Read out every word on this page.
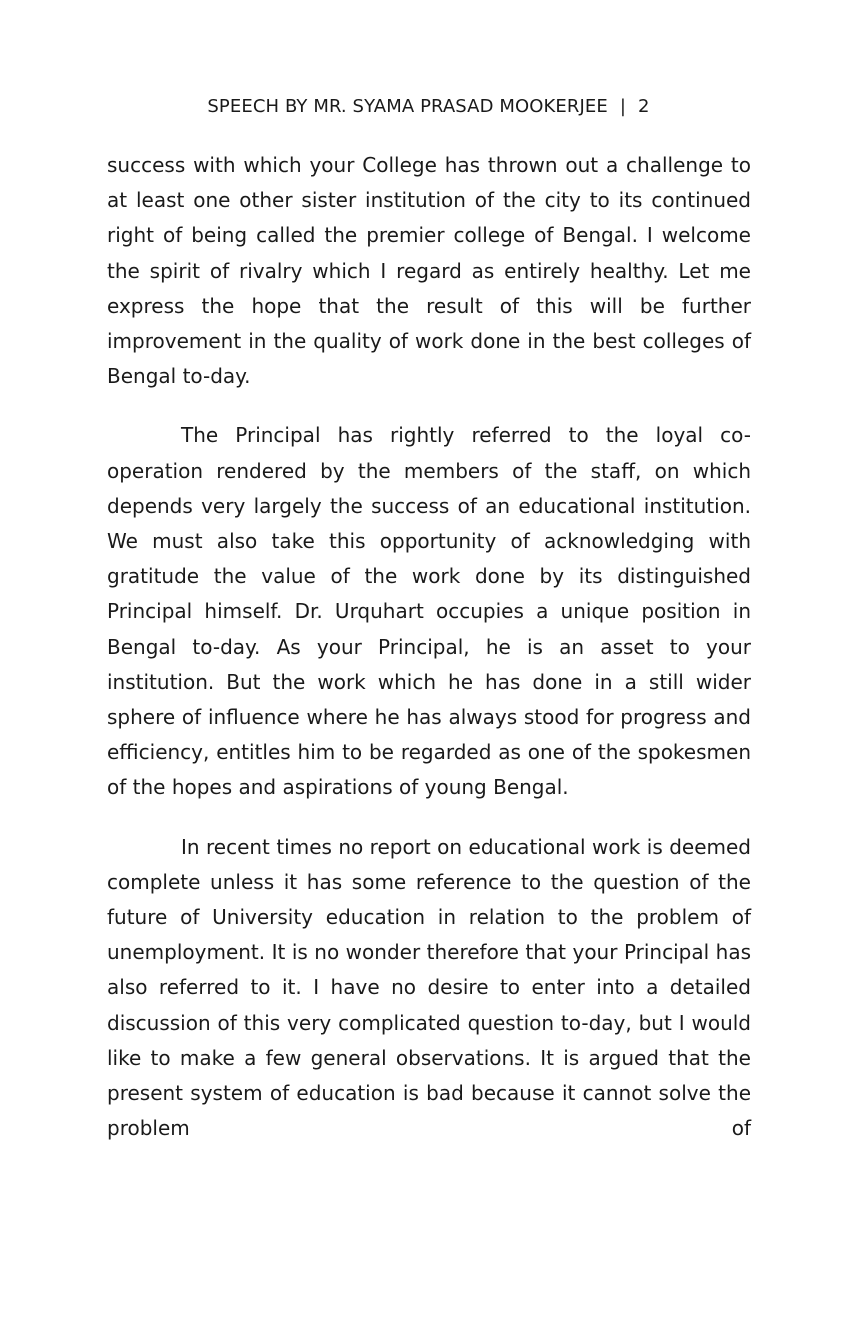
SPEECH BY MR. SYAMA PRASAD MOOKERJEE | 2

success with which your College has thrown out a challenge to at least one other sister institution of the city to its continued right of being called the premier college of Bengal. I welcome the spirit of rivalry which I regard as entirely healthy. Let me express the hope that the result of this will be further improvement in the quality of work done in the best colleges of Bengal to-day.

The Principal has rightly referred to the loyal co-operation rendered by the members of the staff, on which depends very largely the success of an educational institution. We must also take this opportunity of acknowledging with gratitude the value of the work done by its distinguished Principal himself. Dr. Urquhart occupies a unique position in Bengal to-day. As your Principal, he is an asset to your institution. But the work which he has done in a still wider sphere of influence where he has always stood for progress and efficiency, entitles him to be regarded as one of the spokesmen of the hopes and aspirations of young Bengal.

In recent times no report on educational work is deemed complete unless it has some reference to the question of the future of University education in relation to the problem of unemployment. It is no wonder therefore that your Principal has also referred to it. I have no desire to enter into a detailed discussion of this very complicated question to-day, but I would like to make a few general observations. It is argued that the present system of education is bad because it cannot solve the problem of
